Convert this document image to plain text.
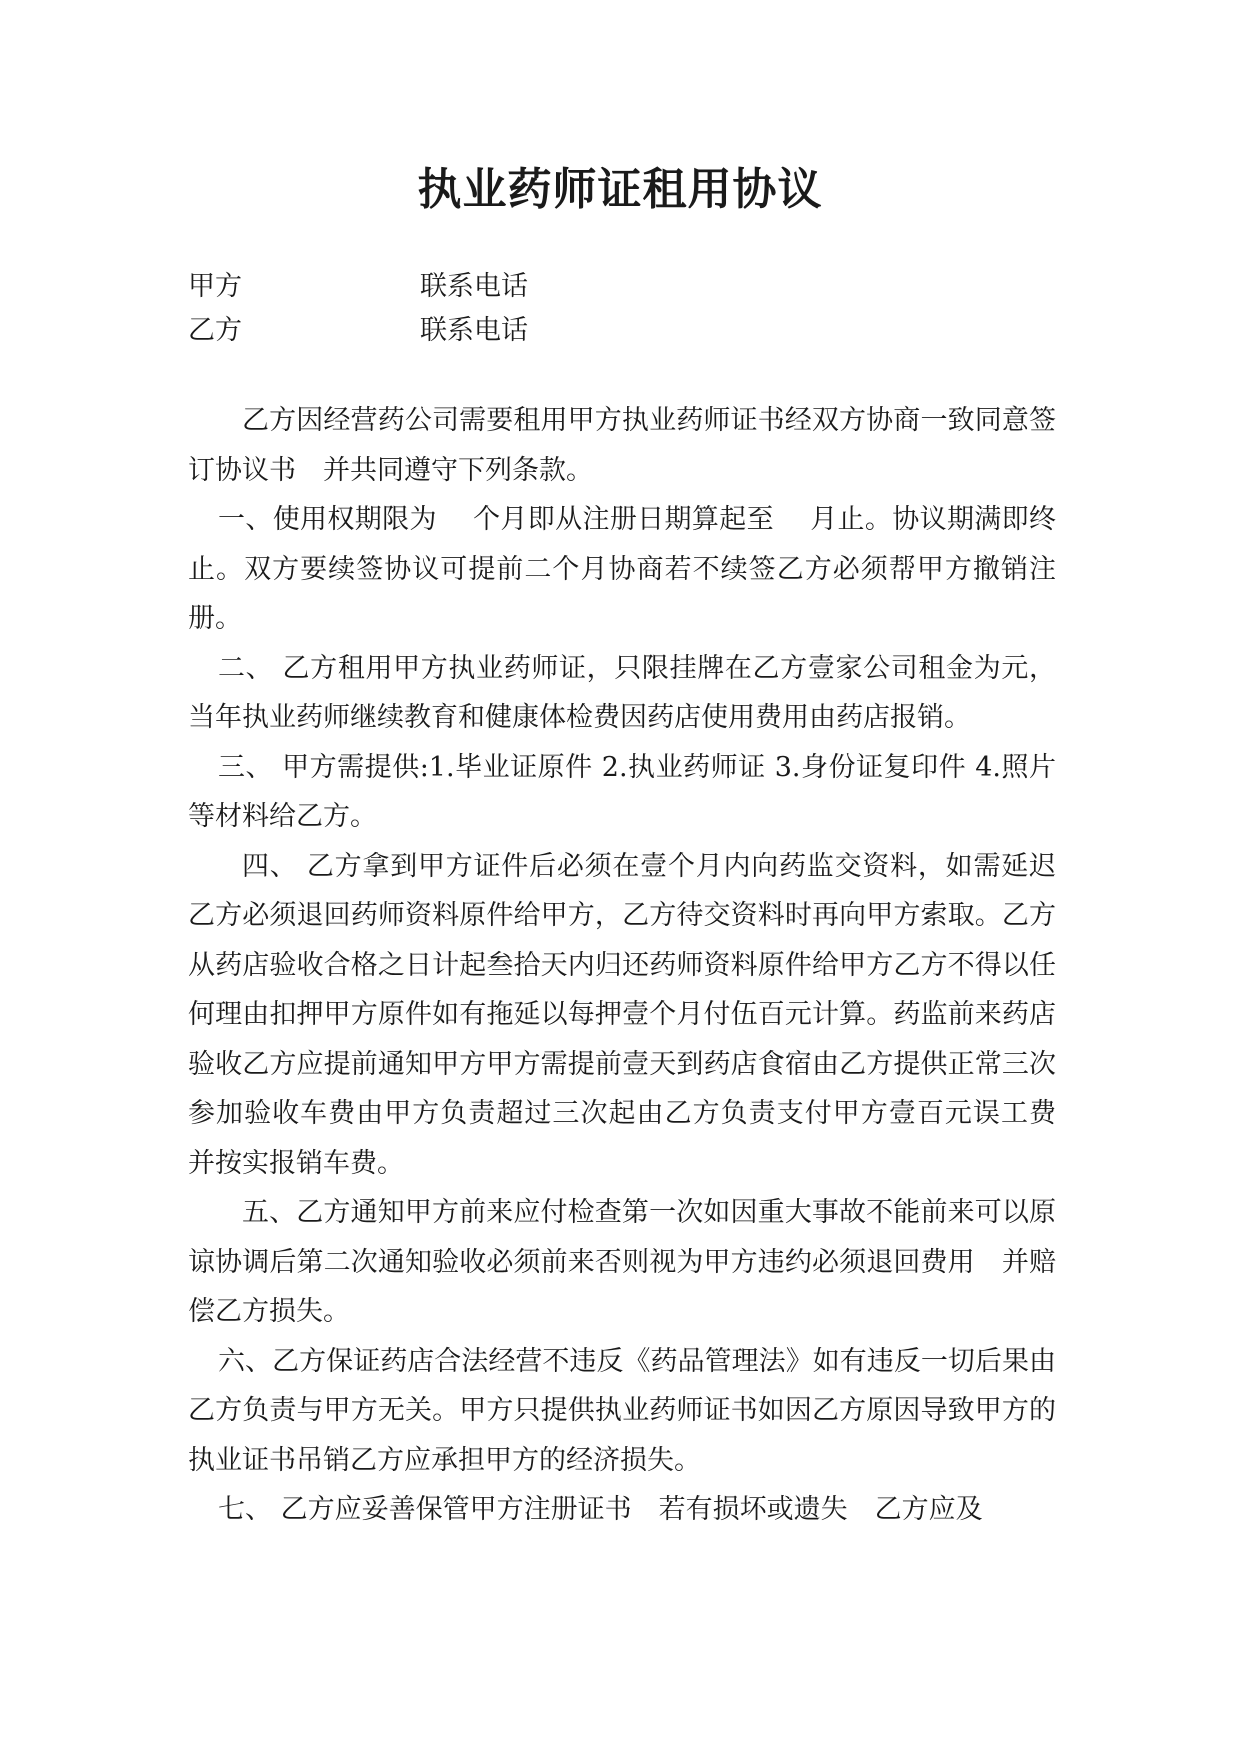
执业药师证租用协议
甲方	联系电话
乙方	联系电话

乙方因经营药公司需要租用甲方执业药师证书经双方协商一致同意签订协议书　并共同遵守下列条款。

一、使用权期限为　 个月即从注册日期算起至　 月止。协议期满即终止。双方要续签协议可提前二个月协商若不续签乙方必须帮甲方撤销注册。

二、 乙方租用甲方执业药师证，只限挂牌在乙方壹家公司租金为元，当年执业药师继续教育和健康体检费因药店使用费用由药店报销。

三、 甲方需提供:1.毕业证原件 2.执业药师证 3.身份证复印件 4.照片等材料给乙方。

四、 乙方拿到甲方证件后必须在壹个月内向药监交资料，如需延迟乙方必须退回药师资料原件给甲方，乙方待交资料时再向甲方索取。乙方从药店验收合格之日计起叁拾天内归还药师资料原件给甲方乙方不得以任何理由扣押甲方原件如有拖延以每押壹个月付伍百元计算。药监前来药店验收乙方应提前通知甲方甲方需提前壹天到药店食宿由乙方提供正常三次参加验收车费由甲方负责超过三次起由乙方负责支付甲方壹百元误工费　并按实报销车费。

五、乙方通知甲方前来应付检查第一次如因重大事故不能前来可以原谅协调后第二次通知验收必须前来否则视为甲方违约必须退回费用　并赔偿乙方损失。

六、乙方保证药店合法经营不违反《药品管理法》如有违反一切后果由乙方负责与甲方无关。甲方只提供执业药师证书如因乙方原因导致甲方的执业证书吊销乙方应承担甲方的经济损失。

七、 乙方应妥善保管甲方注册证书　若有损坏或遗失　乙方应及
